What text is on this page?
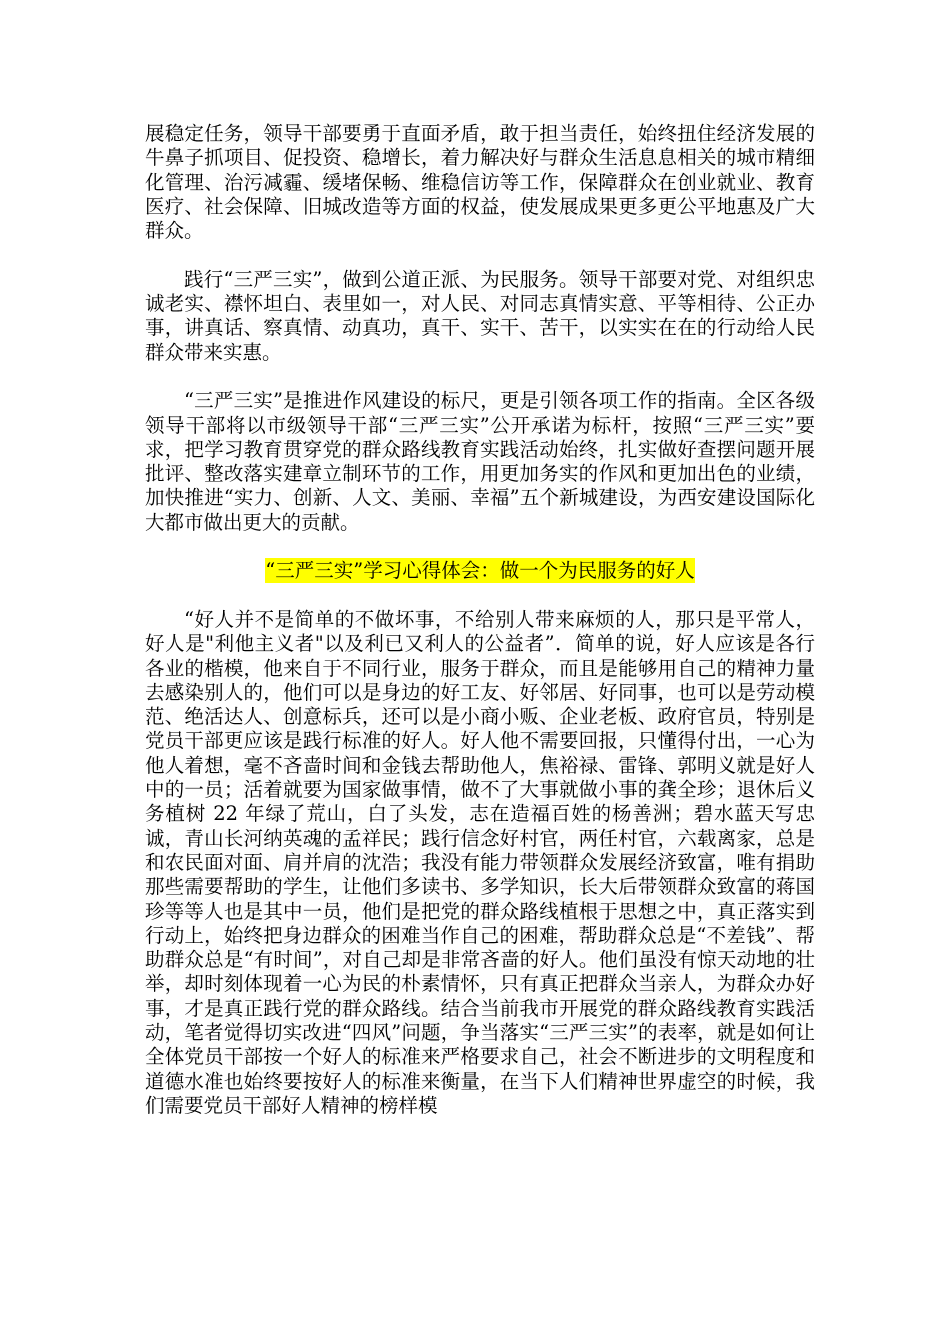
展稳定任务，领导干部要勇于直面矛盾，敢于担当责任，始终扭住经济发展的牛鼻子抓项目、促投资、稳增长，着力解决好与群众生活息息相关的城市精细化管理、治污减霾、缓堵保畅、维稳信访等工作，保障群众在创业就业、教育医疗、社会保障、旧城改造等方面的权益，使发展成果更多更公平地惠及广大群众。

践行“三严三实”，做到公道正派、为民服务。领导干部要对党、对组织忠诚老实、襟怀坦白、表里如一，对人民、对同志真情实意、平等相待、公正办事，讲真话、察真情、动真功，真干、实干、苦干，以实实在在的行动给人民群众带来实惠。

“三严三实”是推进作风建设的标尺，更是引领各项工作的指南。全区各级领导干部将以市级领导干部“三严三实”公开承诺为标杆，按照“三严三实”要求，把学习教育贯穿党的群众路线教育实践活动始终，扎实做好查摆问题开展批评、整改落实建章立制环节的工作，用更加务实的作风和更加出色的业绩，加快推进“实力、创新、人文、美丽、幸福”五个新城建设，为西安建设国际化大都市做出更大的贡献。

“三严三实”学习心得体会：做一个为民服务的好人

“好人并不是简单的不做坏事，不给别人带来麻烦的人，那只是平常人，好人是"利他主义者"以及利已又利人的公益者”．简单的说，好人应该是各行各业的楷模，他来自于不同行业，服务于群众，而且是能够用自己的精神力量去感染别人的，他们可以是身边的好工友、好邻居、好同事，也可以是劳动模范、绝活达人、创意标兵，还可以是小商小贩、企业老板、政府官员，特别是党员干部更应该是践行标准的好人。好人他不需要回报，只懂得付出，一心为他人着想，毫不吝啬时间和金钱去帮助他人，焦裕禄、雷锋、郭明义就是好人中的一员；活着就要为国家做事情，做不了大事就做小事的龚全珍；退休后义务植树 22 年绿了荒山，白了头发，志在造福百姓的杨善洲；碧水蓝天写忠诚，青山长河纳英魂的孟祥民；践行信念好村官，两任村官，六载离家，总是和农民面对面、肩并肩的沈浩；我没有能力带领群众发展经济致富，唯有捐助那些需要帮助的学生，让他们多读书、多学知识，长大后带领群众致富的蒋国珍等等人也是其中一员，他们是把党的群众路线植根于思想之中，真正落实到行动上，始终把身边群众的困难当作自己的困难，帮助群众总是“不差钱”、帮助群众总是“有时间”，对自己却是非常吝啬的好人。他们虽没有惊天动地的壮举，却时刻体现着一心为民的朴素情怀，只有真正把群众当亲人，为群众办好事，才是真正践行党的群众路线。结合当前我市开展党的群众路线教育实践活动，笔者觉得切实改进“四风”问题，争当落实“三严三实”的表率，就是如何让全体党员干部按一个好人的标准来严格要求自己，社会不断进步的文明程度和道德水准也始终要按好人的标准来衡量，在当下人们精神世界虚空的时候，我们需要党员干部好人精神的榜样模
